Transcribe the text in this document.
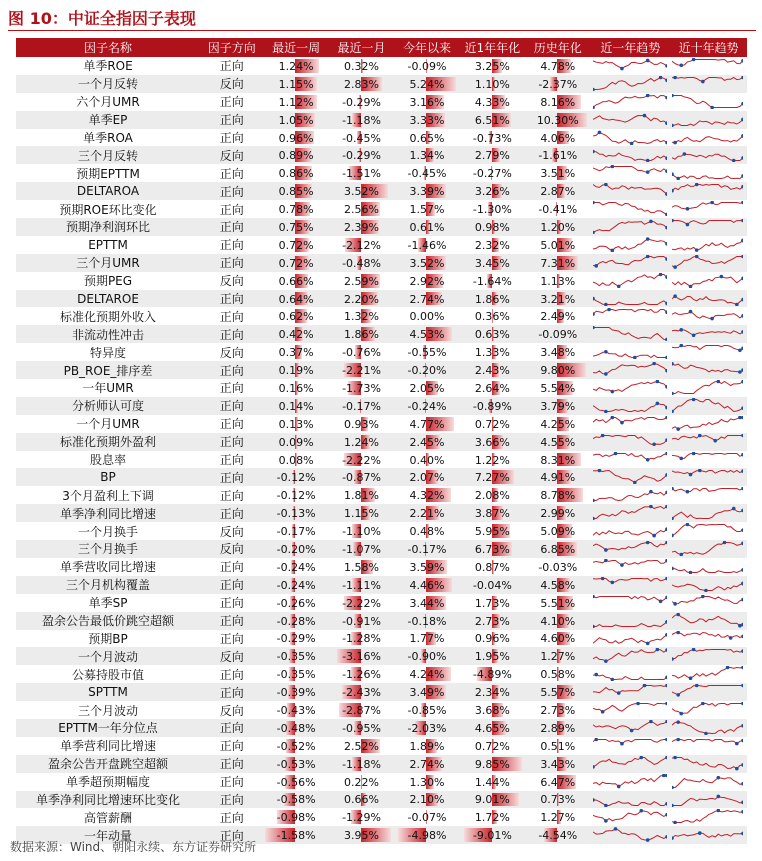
图 10：中证全指因子表现
因子名称	因子方向	最近一周	最近一月	今年以来	近1年年化	历史年化	近一年趋势	近十年趋势
单季ROE	正向	1.24%	0.32%	-0.09%	3.25%	4.78%	

一个月反转	反向	1.15%	2.83%	5.24%	1.10%	-2.37%	

六个月UMR	正向	1.12%	-0.29%	3.16%	4.33%	8.16%	

单季EP	正向	1.05%	-1.18%	3.33%	6.51%	10.30%	

单季ROA	正向	0.96%	-0.45%	0.65%	-0.73%	4.06%	

三个月反转	反向	0.89%	-0.29%	1.34%	2.79%	-1.61%	

预期EPTTM	正向	0.86%	-1.51%	-0.45%	-0.27%	3.51%	

DELTAROA	正向	0.85%	3.52%	3.39%	3.26%	2.87%	

预期ROE环比变化	正向	0.78%	2.56%	1.57%	-1.30%	-0.41%	

预期净利润环比	正向	0.75%	2.39%	0.61%	0.98%	1.20%	

EPTTM	正向	0.72%	-2.12%	-1.46%	2.32%	5.01%	

三个月UMR	正向	0.72%	-0.48%	3.52%	3.45%	7.31%	

预期PEG	反向	0.66%	2.59%	2.92%	-1.64%	1.13%	

DELTAROE	正向	0.64%	2.20%	2.74%	1.86%	3.21%	

标准化预期外收入	正向	0.62%	1.32%	0.00%	0.36%	2.49%	

非流动性冲击	正向	0.42%	1.86%	4.53%	0.63%	-0.09%	

特异度	反向	0.37%	-0.76%	-0.55%	1.33%	3.48%	

PB_ROE_排序差	正向	0.19%	-2.21%	-0.20%	2.43%	9.80%	

一年UMR	正向	0.16%	-1.73%	2.05%	2.64%	5.54%	

分析师认可度	正向	0.14%	-0.17%	-0.24%	-0.89%	3.79%	

一个月UMR	正向	0.13%	0.93%	4.77%	0.72%	4.25%	

标准化预期外盈利	正向	0.09%	1.24%	2.45%	3.66%	4.55%	

股息率	正向	0.08%	-2.22%	0.40%	1.22%	8.31%	

BP	正向	-0.12%	-0.87%	2.07%	7.27%	4.91%	

3个月盈利上下调	正向	-0.12%	1.81%	4.32%	2.08%	8.78%	

单季净利同比增速	正向	-0.13%	1.15%	2.21%	3.87%	2.99%	

一个月换手	反向	-0.17%	-1.10%	0.48%	5.95%	5.09%	

三个月换手	反向	-0.20%	-1.07%	-0.17%	6.73%	6.85%	

单季营收同比增速	正向	-0.24%	1.58%	3.59%	0.87%	-0.03%	

三个月机构覆盖	正向	-0.24%	-1.11%	4.46%	-0.04%	4.58%	

单季SP	正向	-0.26%	-2.22%	3.44%	1.73%	5.51%	

盈余公告最低价跳空超额	正向	-0.28%	-0.91%	-0.18%	2.73%	4.10%	

预期BP	正向	-0.29%	-1.28%	1.77%	0.96%	4.60%	

一个月波动	反向	-0.35%	-3.16%	-0.90%	1.95%	1.27%	

公募持股市值	正向	-0.35%	-1.26%	4.24%	-4.89%	0.58%	

SPTTM	正向	-0.39%	-2.43%	3.49%	2.34%	5.57%	

三个月波动	反向	-0.43%	-2.87%	-0.85%	3.68%	2.73%	

EPTTM一年分位点	正向	-0.48%	-0.95%	-2.03%	4.65%	2.89%	

单季营利同比增速	正向	-0.52%	2.52%	1.89%	0.72%	0.51%	

盈余公告开盘跳空超额	正向	-0.53%	-1.18%	2.74%	9.85%	3.43%	

单季超预期幅度	正向	-0.56%	0.22%	1.30%	1.44%	6.47%	

单季净利同比增速环比变化	正向	-0.58%	0.66%	2.10%	9.01%	0.73%	

高管薪酬	正向	-0.98%	-1.29%	-0.07%	1.72%	1.27%	

一年动量	正向	-1.58%	3.95%	-4.98%	-9.01%	-4.54%	

数据来源：Wind、朝阳永续、东方证券研究所
